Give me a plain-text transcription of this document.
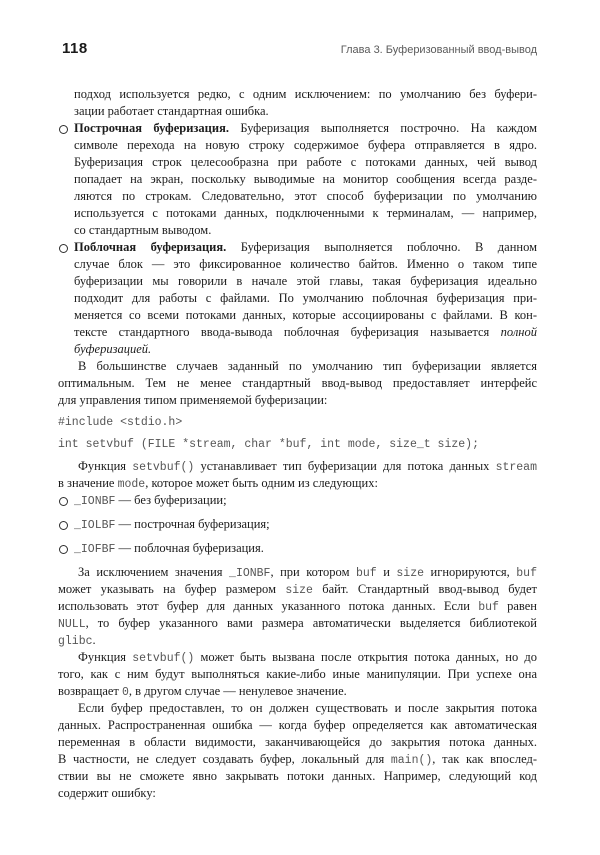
118	Глава 3. Буферизованный ввод-вывод
подход используется редко, с одним исключением: по умолчанию без буфери-
зации работает стандартная ошибка.
Построчная буферизация. Буферизация выполняется построчно. На каждом
символе перехода на новую строку содержимое буфера отправляется в ядро.
Буферизация строк целесообразна при работе с потоками данных, чей вывод
попадает на экран, поскольку выводимые на монитор сообщения всегда разде-
ляются по строкам. Следовательно, этот способ буферизации по умолчанию
используется с потоками данных, подключенными к терминалам, — например,
со стандартным выводом.
Поблочная буферизация. Буферизация выполняется поблочно. В данном
случае блок — это фиксированное количество байтов. Именно о таком типе
буферизации мы говорили в начале этой главы, такая буферизация идеально
подходит для работы с файлами. По умолчанию поблочная буферизация при-
меняется со всеми потоками данных, которые ассоциированы с файлами. В кон-
тексте стандартного ввода-вывода поблочная буферизация называется полной
буферизацией.
В большинстве случаев заданный по умолчанию тип буферизации является
оптимальным. Тем не менее стандартный ввод-вывод предоставляет интерфейс
для управления типом применяемой буферизации:
#include <stdio.h>
int setvbuf (FILE *stream, char *buf, int mode, size_t size);
Функция setvbuf() устанавливает тип буферизации для потока данных stream
в значение mode, которое может быть одним из следующих:
_IONBF — без буферизации;
_IOLBF — построчная буферизация;
_IOFBF — поблочная буферизация.
За исключением значения _IONBF, при котором buf и size игнорируются, buf
может указывать на буфер размером size байт. Стандартный ввод-вывод будет
использовать этот буфер для данных указанного потока данных. Если buf равен
NULL, то буфер указанного вами размера автоматически выделяется библиотекой
glibc.
Функция setvbuf() может быть вызвана после открытия потока данных, но до
того, как с ним будут выполняться какие-либо иные манипуляции. При успехе она
возвращает 0, в другом случае — ненулевое значение.
Если буфер предоставлен, то он должен существовать и после закрытия потока
данных. Распространенная ошибка — когда буфер определяется как автоматическая
переменная в области видимости, заканчивающейся до закрытия потока данных.
В частности, не следует создавать буфер, локальный для main(), так как впослед-
ствии вы не сможете явно закрывать потоки данных. Например, следующий код
содержит ошибку:
